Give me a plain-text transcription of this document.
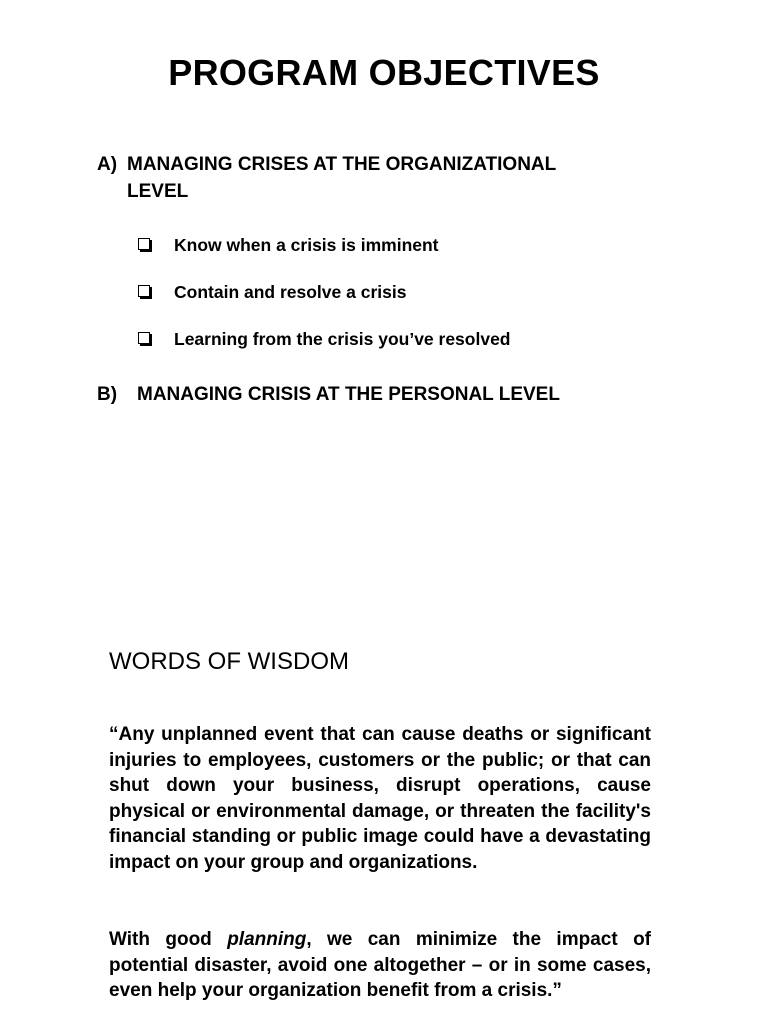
PROGRAM OBJECTIVES
A) MANAGING CRISES AT THE ORGANIZATIONAL
LEVEL
Know when a crisis is imminent
Contain and resolve a crisis
Learning from the crisis you’ve resolved
B) MANAGING CRISIS AT THE PERSONAL LEVEL
WORDS OF WISDOM

“Any unplanned event that can cause deaths or significant injuries to employees, customers or the public; or that can shut down your business, disrupt operations, cause physical or environmental damage, or threaten the facility's financial standing or public image could have a devastating impact on your group and organizations.

With good planning, we can minimize the impact of potential disaster, avoid one altogether – or in some cases, even help your organization benefit from a crisis.”
